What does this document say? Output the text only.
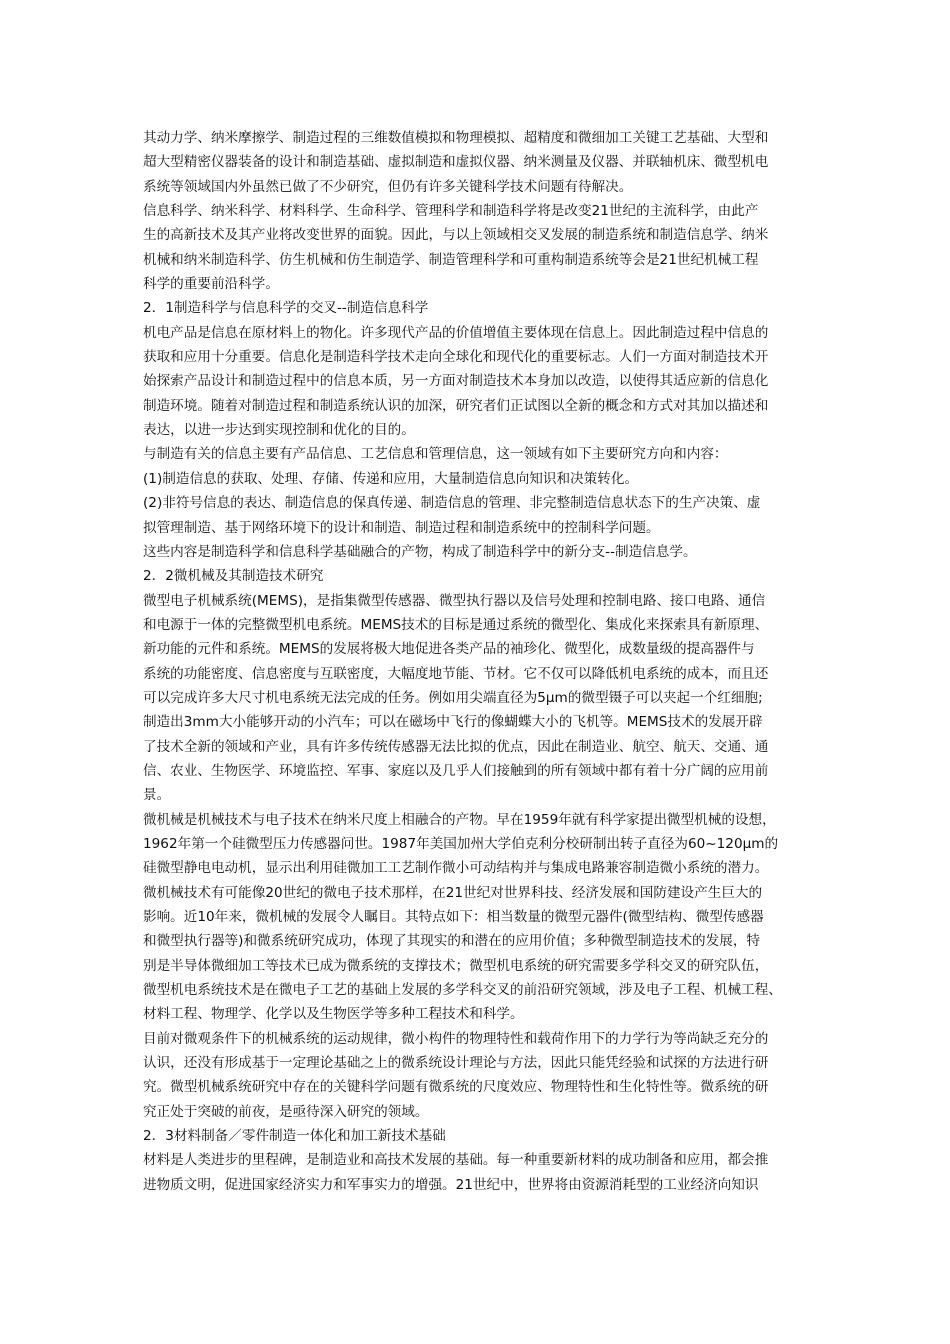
其动力学、纳米摩擦学、制造过程的三维数值模拟和物理模拟、超精度和微细加工关键工艺基础、大型和
超大型精密仪器装备的设计和制造基础、虚拟制造和虚拟仪器、纳米测量及仪器、并联轴机床、微型机电
系统等领域国内外虽然已做了不少研究，但仍有许多关键科学技术问题有待解决。
信息科学、纳米科学、材料科学、生命科学、管理科学和制造科学将是改变21世纪的主流科学，由此产
生的高新技术及其产业将改变世界的面貌。因此，与以上领域相交叉发展的制造系统和制造信息学、纳米
机械和纳米制造科学、仿生机械和仿生制造学、制造管理科学和可重构制造系统等会是21世纪机械工程
科学的重要前沿科学。
2．1制造科学与信息科学的交叉--制造信息科学
机电产品是信息在原材料上的物化。许多现代产品的价值增值主要体现在信息上。因此制造过程中信息的
获取和应用十分重要。信息化是制造科学技术走向全球化和现代化的重要标志。人们一方面对制造技术开
始探索产品设计和制造过程中的信息本质，另一方面对制造技术本身加以改造，以使得其适应新的信息化
制造环境。随着对制造过程和制造系统认识的加深，研究者们正试图以全新的概念和方式对其加以描述和
表达，以进一步达到实现控制和优化的目的。
与制造有关的信息主要有产品信息、工艺信息和管理信息，这一领域有如下主要研究方向和内容：
(1)制造信息的获取、处理、存储、传递和应用，大量制造信息向知识和决策转化。
(2)非符号信息的表达、制造信息的保真传递、制造信息的管理、非完整制造信息状态下的生产决策、虚
拟管理制造、基于网络环境下的设计和制造、制造过程和制造系统中的控制科学问题。
这些内容是制造科学和信息科学基础融合的产物，构成了制造科学中的新分支--制造信息学。
2．2微机械及其制造技术研究
微型电子机械系统(MEMS)，是指集微型传感器、微型执行器以及信号处理和控制电路、接口电路、通信
和电源于一体的完整微型机电系统。MEMS技术的目标是通过系统的微型化、集成化来探索具有新原理、
新功能的元件和系统。MEMS的发展将极大地促进各类产品的袖珍化、微型化，成数量级的提高器件与
系统的功能密度、信息密度与互联密度，大幅度地节能、节材。它不仅可以降低机电系统的成本，而且还
可以完成许多大尺寸机电系统无法完成的任务。例如用尖端直径为5μm的微型镊子可以夹起一个红细胞;
制造出3mm大小能够开动的小汽车；可以在磁场中飞行的像蝴蝶大小的飞机等。MEMS技术的发展开辟
了技术全新的领域和产业，具有许多传统传感器无法比拟的优点，因此在制造业、航空、航天、交通、通
信、农业、生物医学、环境监控、军事、家庭以及几乎人们接触到的所有领域中都有着十分广阔的应用前
景。
微机械是机械技术与电子技术在纳米尺度上相融合的产物。早在1959年就有科学家提出微型机械的设想，
1962年第一个硅微型压力传感器问世。1987年美国加州大学伯克利分校研制出转子直径为60~120μm的
硅微型静电电动机，显示出利用硅微加工工艺制作微小可动结构并与集成电路兼容制造微小系统的潜力。
微机械技术有可能像20世纪的微电子技术那样，在21世纪对世界科技、经济发展和国防建设产生巨大的
影响。近10年来，微机械的发展令人瞩目。其特点如下：相当数量的微型元器件(微型结构、微型传感器
和微型执行器等)和微系统研究成功，体现了其现实的和潜在的应用价值；多种微型制造技术的发展，特
别是半导体微细加工等技术已成为微系统的支撑技术；微型机电系统的研究需要多学科交叉的研究队伍，
微型机电系统技术是在微电子工艺的基础上发展的多学科交叉的前沿研究领域，涉及电子工程、机械工程、
材料工程、物理学、化学以及生物医学等多种工程技术和科学。
目前对微观条件下的机械系统的运动规律，微小构件的物理特性和载荷作用下的力学行为等尚缺乏充分的
认识，还没有形成基于一定理论基础之上的微系统设计理论与方法，因此只能凭经验和试探的方法进行研
究。微型机械系统研究中存在的关键科学问题有微系统的尺度效应、物理特性和生化特性等。微系统的研
究正处于突破的前夜，是亟待深入研究的领域。
2．3材料制备／零件制造一体化和加工新技术基础
材料是人类进步的里程碑，是制造业和高技术发展的基础。每一种重要新材料的成功制备和应用，都会推
进物质文明，促进国家经济实力和军事实力的增强。21世纪中，世界将由资源消耗型的工业经济向知识
